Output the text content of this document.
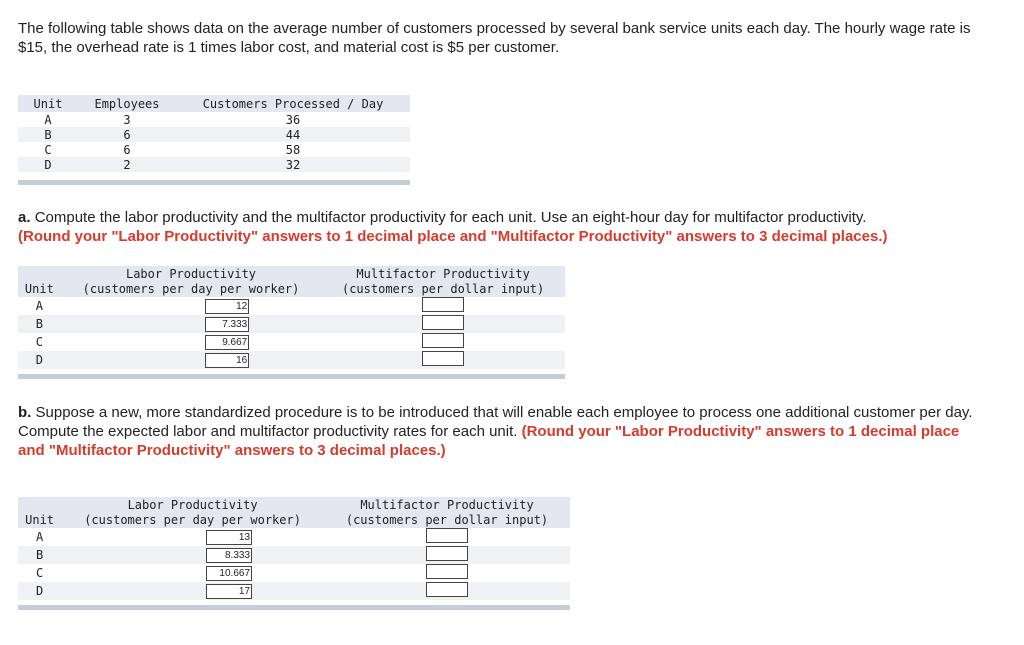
The following table shows data on the average number of customers processed by several bank service units each day. The hourly wage rate is $15, the overhead rate is 1 times labor cost, and material cost is $5 per customer.
Unit	Employees	Customers Processed / Day
A	3	36
B	6	44
C	6	58
D	2	32
a. Compute the labor productivity and the multifactor productivity for each unit. Use an eight-hour day for multifactor productivity.
(Round your "Labor Productivity" answers to 1 decimal place and "Multifactor Productivity" answers to 3 decimal places.)
	Labor Productivity	Multifactor Productivity
Unit	(customers per day per worker)	(customers per dollar input)
A	12	
B	7.333	
C	9.667	
D	16	
b. Suppose a new, more standardized procedure is to be introduced that will enable each employee to process one additional customer per day. Compute the expected labor and multifactor productivity rates for each unit. (Round your "Labor Productivity" answers to 1 decimal place and "Multifactor Productivity" answers to 3 decimal places.)
	Labor Productivity	Multifactor Productivity
Unit	(customers per day per worker)	(customers per dollar input)
A	13	
B	8.333	
C	10.667	
D	17	
